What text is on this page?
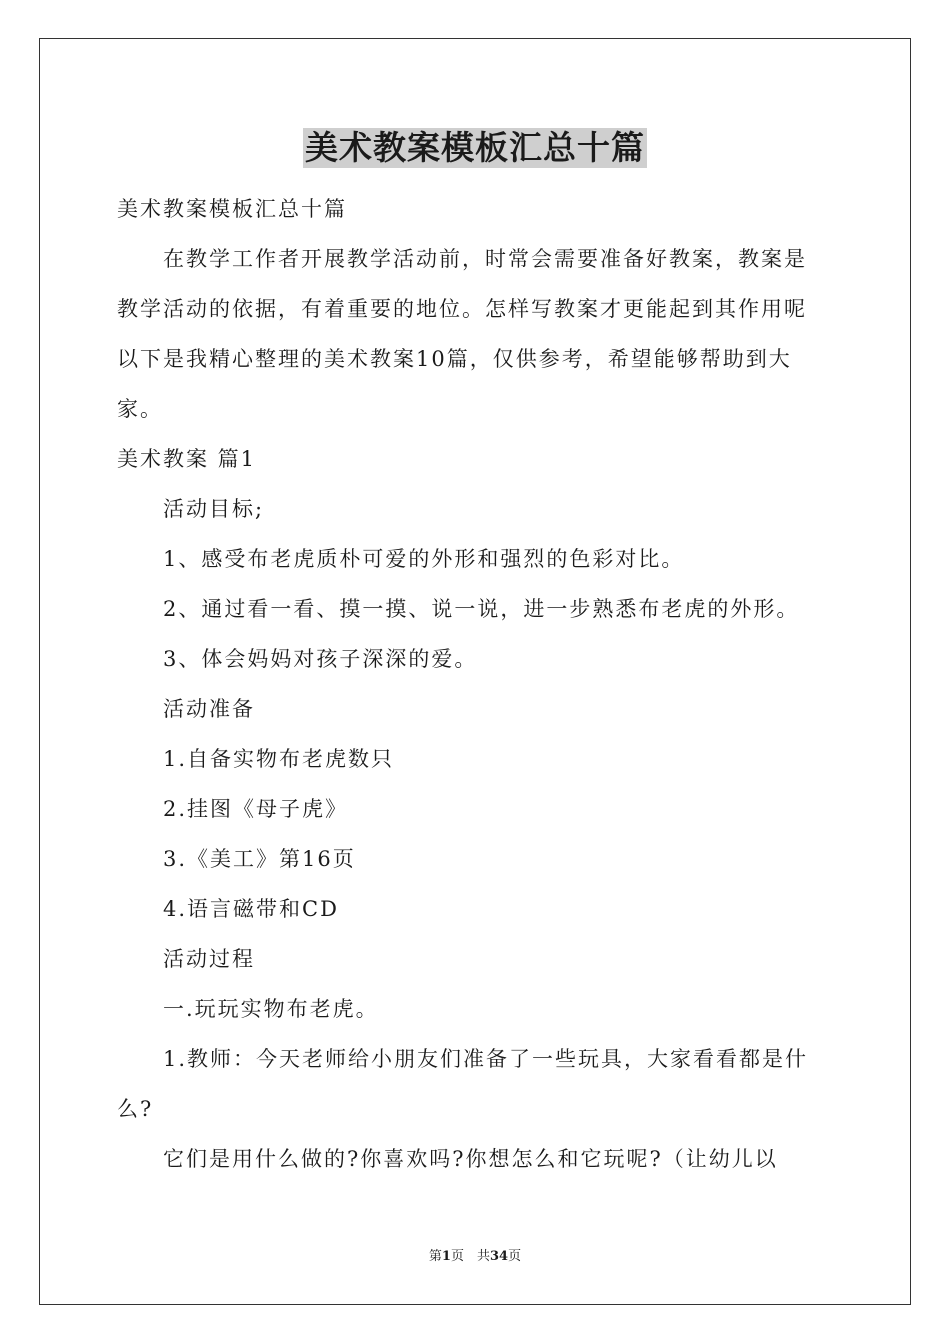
美术教案模板汇总十篇

美术教案模板汇总十篇

在教学工作者开展教学活动前，时常会需要准备好教案，教案是

教学活动的依据，有着重要的地位。怎样写教案才更能起到其作用呢

以下是我精心整理的美术教案10篇，仅供参考，希望能够帮助到大

家。

美术教案 篇1

活动目标;

1、感受布老虎质朴可爱的外形和强烈的色彩对比。

2、通过看一看、摸一摸、说一说，进一步熟悉布老虎的外形。

3、体会妈妈对孩子深深的爱。

活动准备

1.自备实物布老虎数只

2.挂图《母子虎》

3.《美工》第16页

4.语言磁带和CD

活动过程

一.玩玩实物布老虎。

1.教师：今天老师给小朋友们准备了一些玩具，大家看看都是什

么?

它们是用什么做的?你喜欢吗?你想怎么和它玩呢?（让幼儿以

第1页　共34页
